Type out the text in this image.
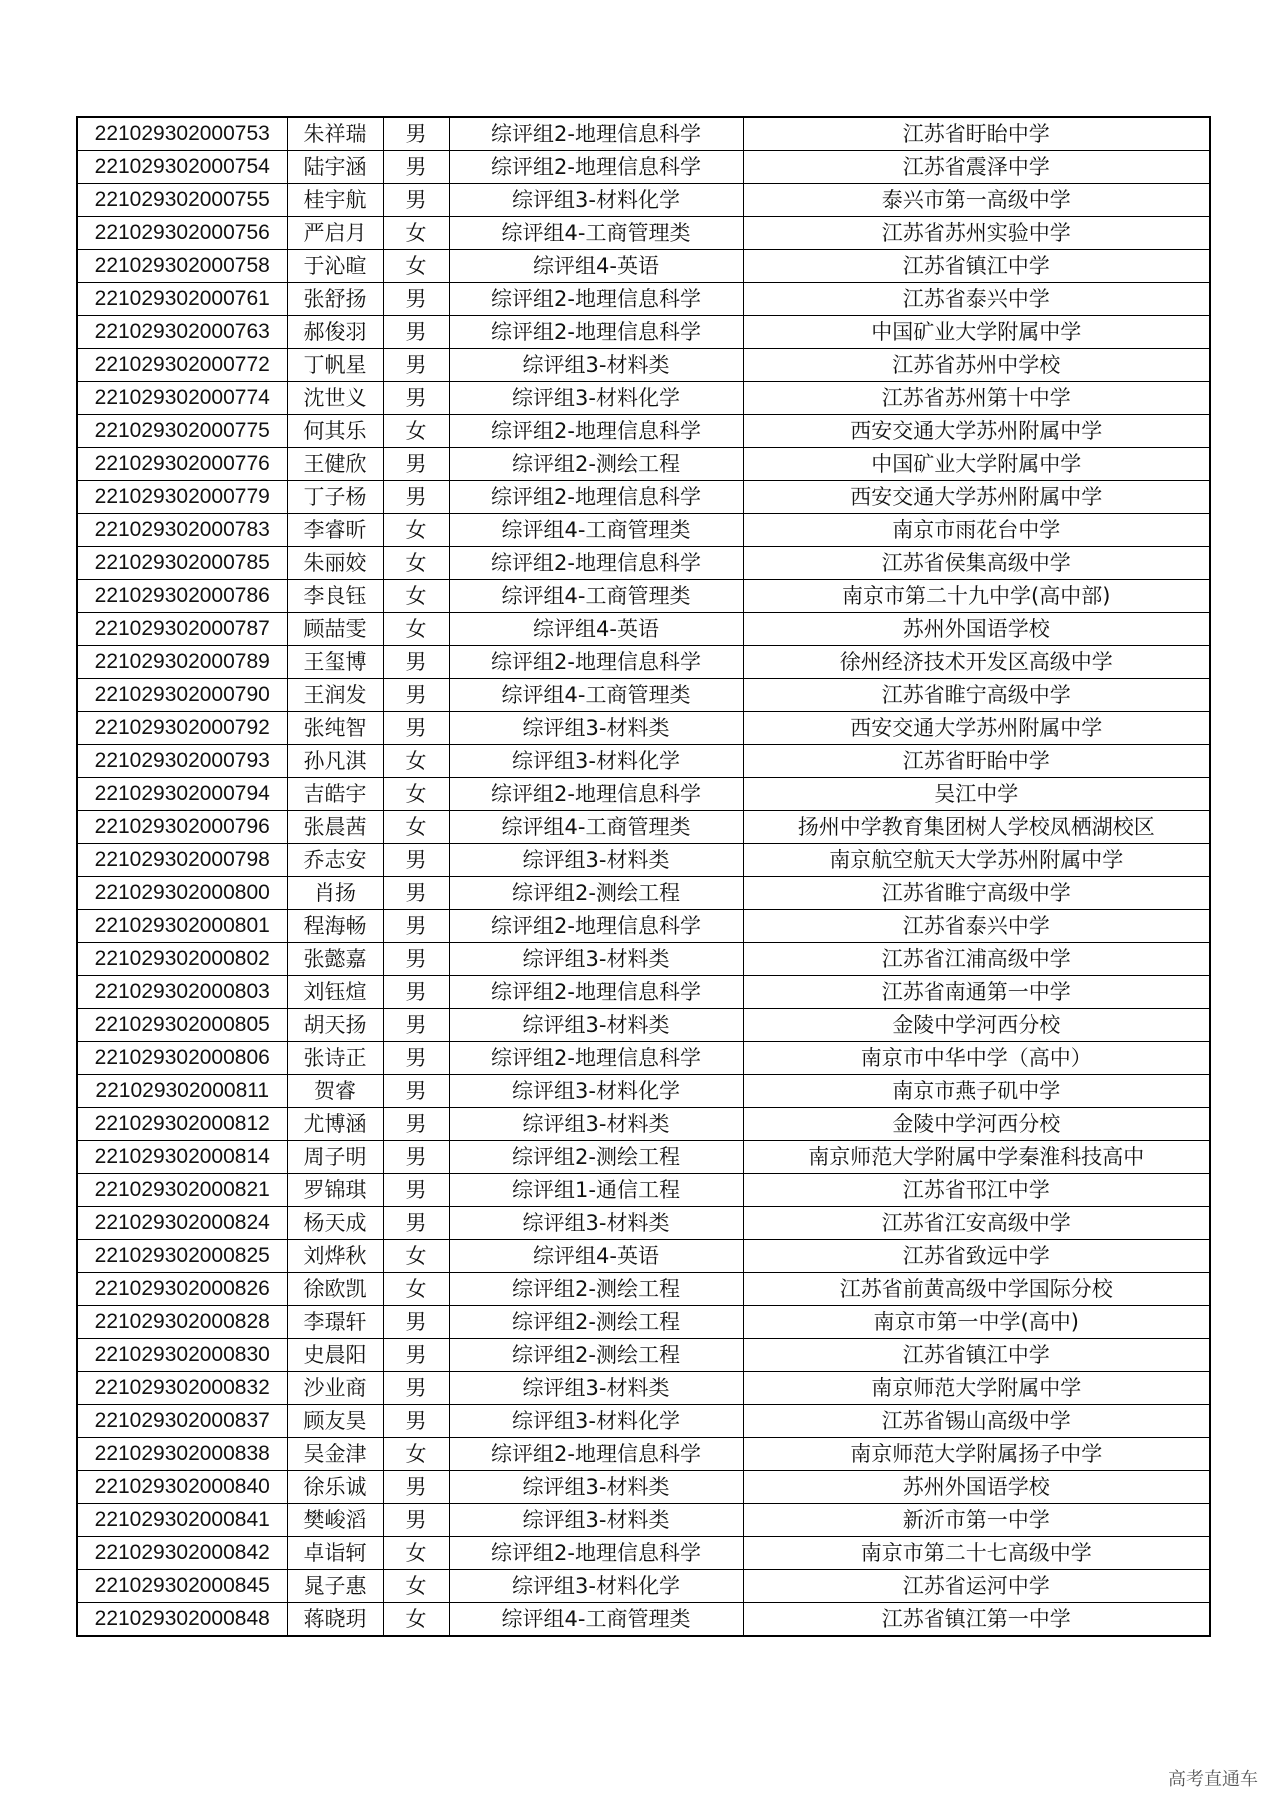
221029302000753	朱祥瑞	男	综评组2-地理信息科学	江苏省盱眙中学
221029302000754	陆宇涵	男	综评组2-地理信息科学	江苏省震泽中学
221029302000755	桂宇航	男	综评组3-材料化学	泰兴市第一高级中学
221029302000756	严启月	女	综评组4-工商管理类	江苏省苏州实验中学
221029302000758	于沁暄	女	综评组4-英语	江苏省镇江中学
221029302000761	张舒扬	男	综评组2-地理信息科学	江苏省泰兴中学
221029302000763	郝俊羽	男	综评组2-地理信息科学	中国矿业大学附属中学
221029302000772	丁帆星	男	综评组3-材料类	江苏省苏州中学校
221029302000774	沈世义	男	综评组3-材料化学	江苏省苏州第十中学
221029302000775	何其乐	女	综评组2-地理信息科学	西安交通大学苏州附属中学
221029302000776	王健欣	男	综评组2-测绘工程	中国矿业大学附属中学
221029302000779	丁子杨	男	综评组2-地理信息科学	西安交通大学苏州附属中学
221029302000783	李睿昕	女	综评组4-工商管理类	南京市雨花台中学
221029302000785	朱丽姣	女	综评组2-地理信息科学	江苏省侯集高级中学
221029302000786	李良钰	女	综评组4-工商管理类	南京市第二十九中学(高中部)
221029302000787	顾喆雯	女	综评组4-英语	苏州外国语学校
221029302000789	王玺博	男	综评组2-地理信息科学	徐州经济技术开发区高级中学
221029302000790	王润发	男	综评组4-工商管理类	江苏省睢宁高级中学
221029302000792	张纯智	男	综评组3-材料类	西安交通大学苏州附属中学
221029302000793	孙凡淇	女	综评组3-材料化学	江苏省盱眙中学
221029302000794	吉皓宇	女	综评组2-地理信息科学	吴江中学
221029302000796	张晨茜	女	综评组4-工商管理类	扬州中学教育集团树人学校凤栖湖校区
221029302000798	乔志安	男	综评组3-材料类	南京航空航天大学苏州附属中学
221029302000800	肖扬	男	综评组2-测绘工程	江苏省睢宁高级中学
221029302000801	程海畅	男	综评组2-地理信息科学	江苏省泰兴中学
221029302000802	张懿嘉	男	综评组3-材料类	江苏省江浦高级中学
221029302000803	刘钰煊	男	综评组2-地理信息科学	江苏省南通第一中学
221029302000805	胡天扬	男	综评组3-材料类	金陵中学河西分校
221029302000806	张诗正	男	综评组2-地理信息科学	南京市中华中学（高中）
221029302000811	贺睿	男	综评组3-材料化学	南京市燕子矶中学
221029302000812	尤博涵	男	综评组3-材料类	金陵中学河西分校
221029302000814	周子明	男	综评组2-测绘工程	南京师范大学附属中学秦淮科技高中
221029302000821	罗锦琪	男	综评组1-通信工程	江苏省邗江中学
221029302000824	杨天成	男	综评组3-材料类	江苏省江安高级中学
221029302000825	刘烨秋	女	综评组4-英语	江苏省致远中学
221029302000826	徐欧凯	女	综评组2-测绘工程	江苏省前黄高级中学国际分校
221029302000828	李璟轩	男	综评组2-测绘工程	南京市第一中学(高中)
221029302000830	史晨阳	男	综评组2-测绘工程	江苏省镇江中学
221029302000832	沙业商	男	综评组3-材料类	南京师范大学附属中学
221029302000837	顾友昊	男	综评组3-材料化学	江苏省锡山高级中学
221029302000838	吴金津	女	综评组2-地理信息科学	南京师范大学附属扬子中学
221029302000840	徐乐诚	男	综评组3-材料类	苏州外国语学校
221029302000841	樊峻滔	男	综评组3-材料类	新沂市第一中学
221029302000842	卓诣轲	女	综评组2-地理信息科学	南京市第二十七高级中学
221029302000845	晁子惠	女	综评组3-材料化学	江苏省运河中学
221029302000848	蒋晓玥	女	综评组4-工商管理类	江苏省镇江第一中学
高考直通车
